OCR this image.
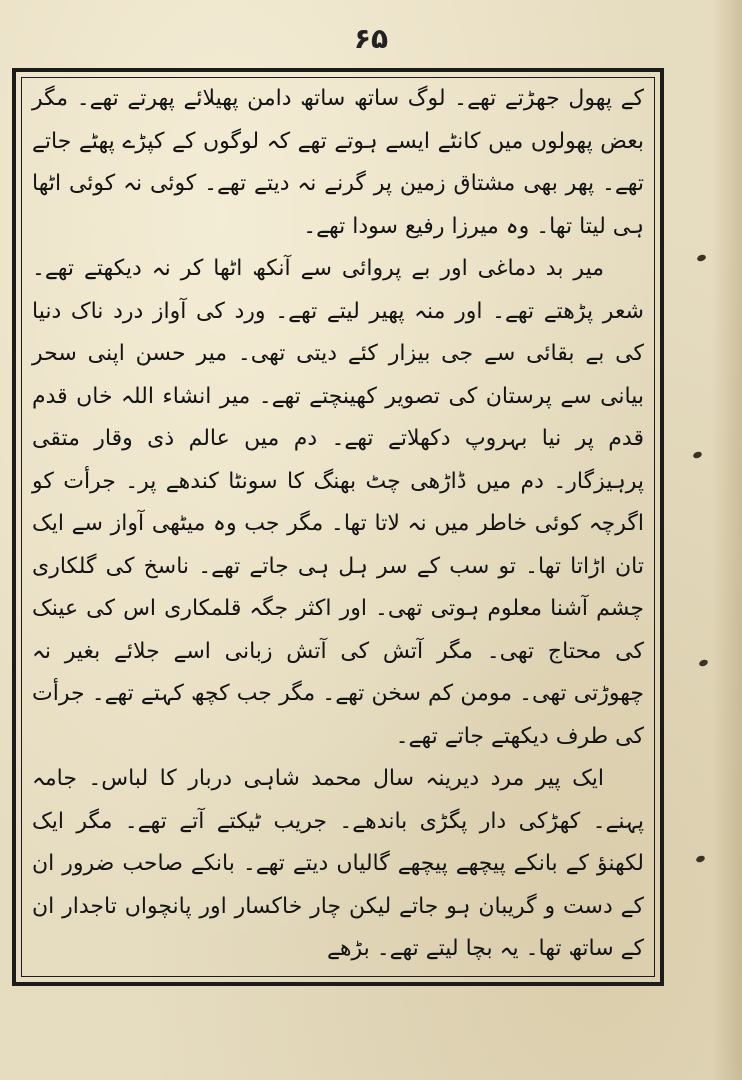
۶۵

کے پھول جھڑتے تھے۔ لوگ ساتھ ساتھ دامن پھیلائے پھرتے تھے۔ مگر بعض پھولوں میں کانٹے ایسے ہوتے تھے کہ لوگوں کے کپڑے پھٹے جاتے تھے۔ پھر بھی مشتاق زمین پر گرنے نہ دیتے تھے۔ کوئی نہ کوئی اٹھا ہی لیتا تھا۔ وہ میرزا رفیع سودا تھے۔

میر بد دماغی اور بے پروائی سے آنکھ اٹھا کر نہ دیکھتے تھے۔ شعر پڑھتے تھے۔ اور منہ پھیر لیتے تھے۔ ورد کی آواز درد ناک دنیا کی بے بقائی سے جی بیزار کئے دیتی تھی۔ میر حسن اپنی سحر بیانی سے پرستان کی تصویر کھینچتے تھے۔ میر انشاء اللہ خاں قدم قدم پر نیا بہروپ دکھلاتے تھے۔ دم میں عالم ذی وقار متقی پرہیزگار۔ دم میں ڈاڑھی چٹ بھنگ کا سونٹا کندھے پر۔ جرأت کو اگرچہ کوئی خاطر میں نہ لاتا تھا۔ مگر جب وہ میٹھی آواز سے ایک تان اڑاتا تھا۔ تو سب کے سر ہل ہی جاتے تھے۔ ناسخ کی گلکاری چشم آشنا معلوم ہوتی تھی۔ اور اکثر جگہ قلمکاری اس کی عینک کی محتاج تھی۔ مگر آتش کی آتش زبانی اسے جلائے بغیر نہ چھوڑتی تھی۔ مومن کم سخن تھے۔ مگر جب کچھ کہتے تھے۔ جرأت کی طرف دیکھتے جاتے تھے۔

ایک پیر مرد دیرینہ سال محمد شاہی دربار کا لباس۔ جامہ پہنے۔ کھڑکی دار پگڑی باندھے۔ جریب ٹیکتے آتے تھے۔ مگر ایک لکھنؤ کے بانکے پیچھے پیچھے گالیاں دیتے تھے۔ بانکے صاحب ضرور ان کے دست و گریبان ہو جاتے لیکن چار خاکسار اور پانچواں تاجدار ان کے ساتھ تھا۔ یہ بچا لیتے تھے۔ بڑھے
